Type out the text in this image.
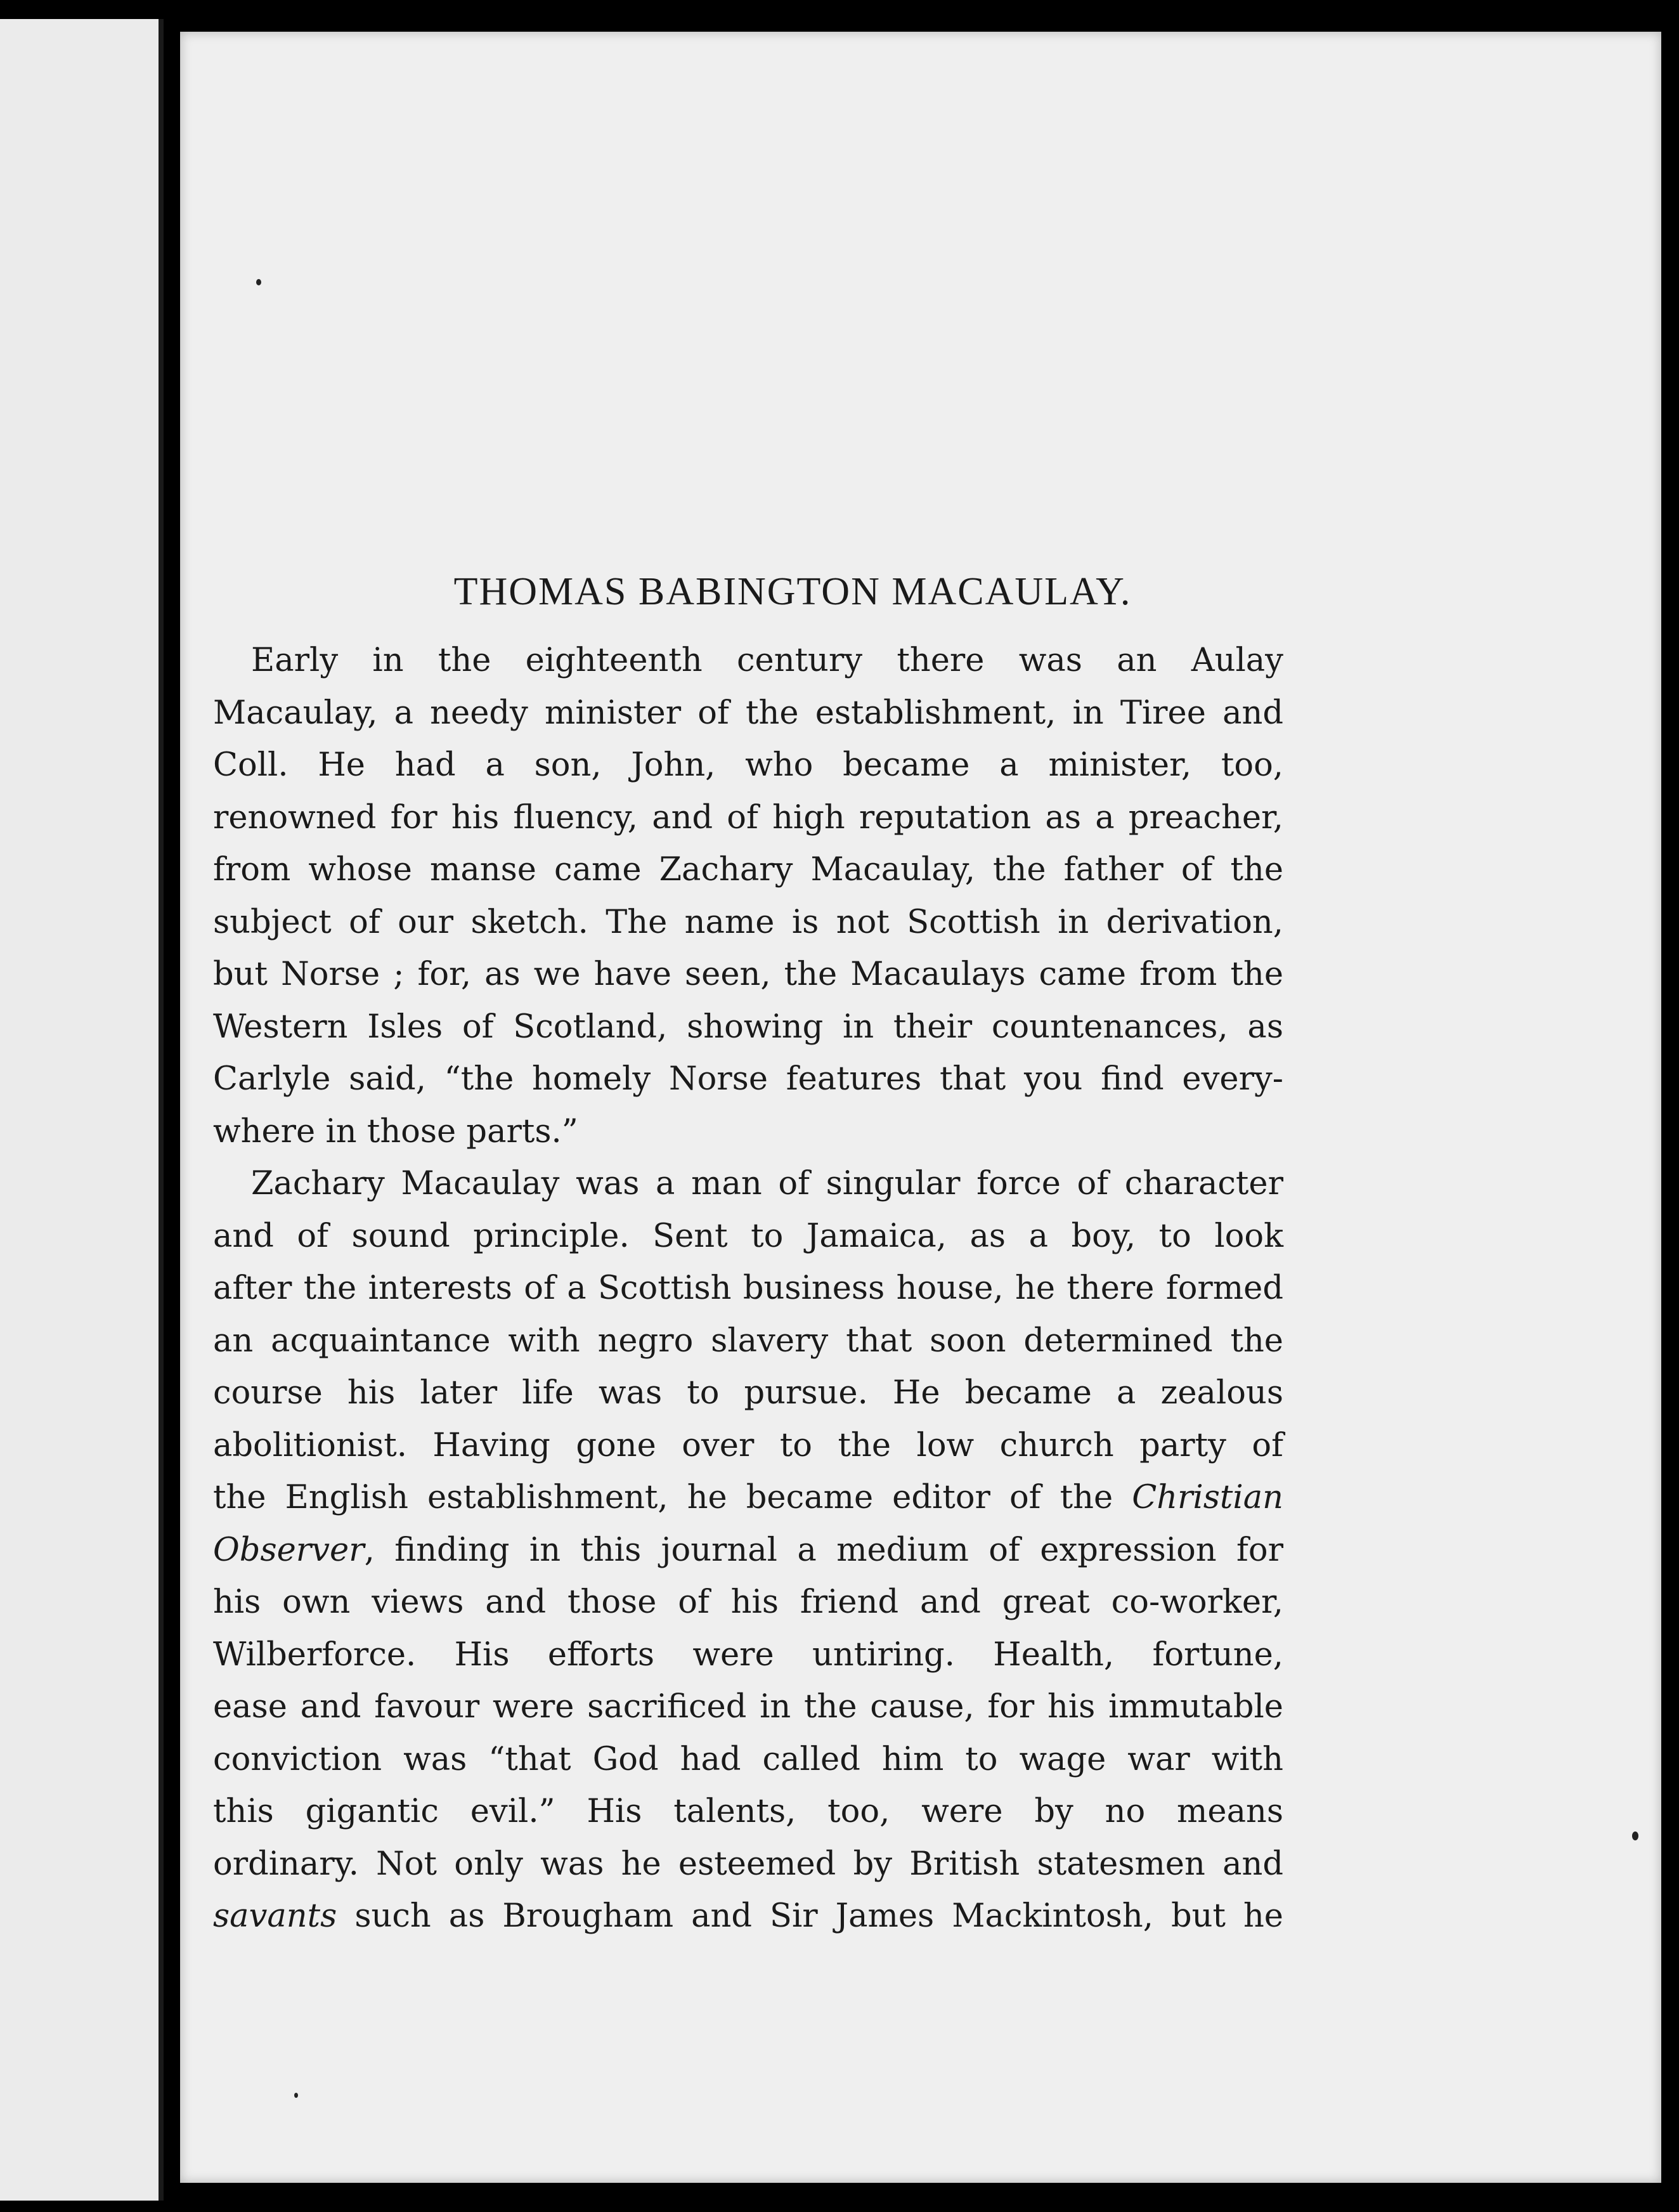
THOMAS BABINGTON MACAULAY.

Early in the eighteenth century there was an Aulay

Macaulay, a needy minister of the establishment, in Tiree and

Coll. He had a son, John, who became a minister, too,

renowned for his fluency, and of high reputation as a preacher,

from whose manse came Zachary Macaulay, the father of the

subject of our sketch. The name is not Scottish in derivation,

but Norse ; for, as we have seen, the Macaulays came from the

Western Isles of Scotland, showing in their countenances, as

Carlyle said, “the homely Norse features that you find every-

where in those parts.”

Zachary Macaulay was a man of singular force of character

and of sound principle. Sent to Jamaica, as a boy, to look

after the interests of a Scottish business house, he there formed

an acquaintance with negro slavery that soon determined the

course his later life was to pursue. He became a zealous

abolitionist. Having gone over to the low church party of

the English establishment, he became editor of the Christian

Observer, finding in this journal a medium of expression for

his own views and those of his friend and great co-worker,

Wilberforce. His efforts were untiring. Health, fortune,

ease and favour were sacrificed in the cause, for his immutable

conviction was “that God had called him to wage war with

this gigantic evil.” His talents, too, were by no means

ordinary. Not only was he esteemed by British statesmen and

savants such as Brougham and Sir James Mackintosh, but he
